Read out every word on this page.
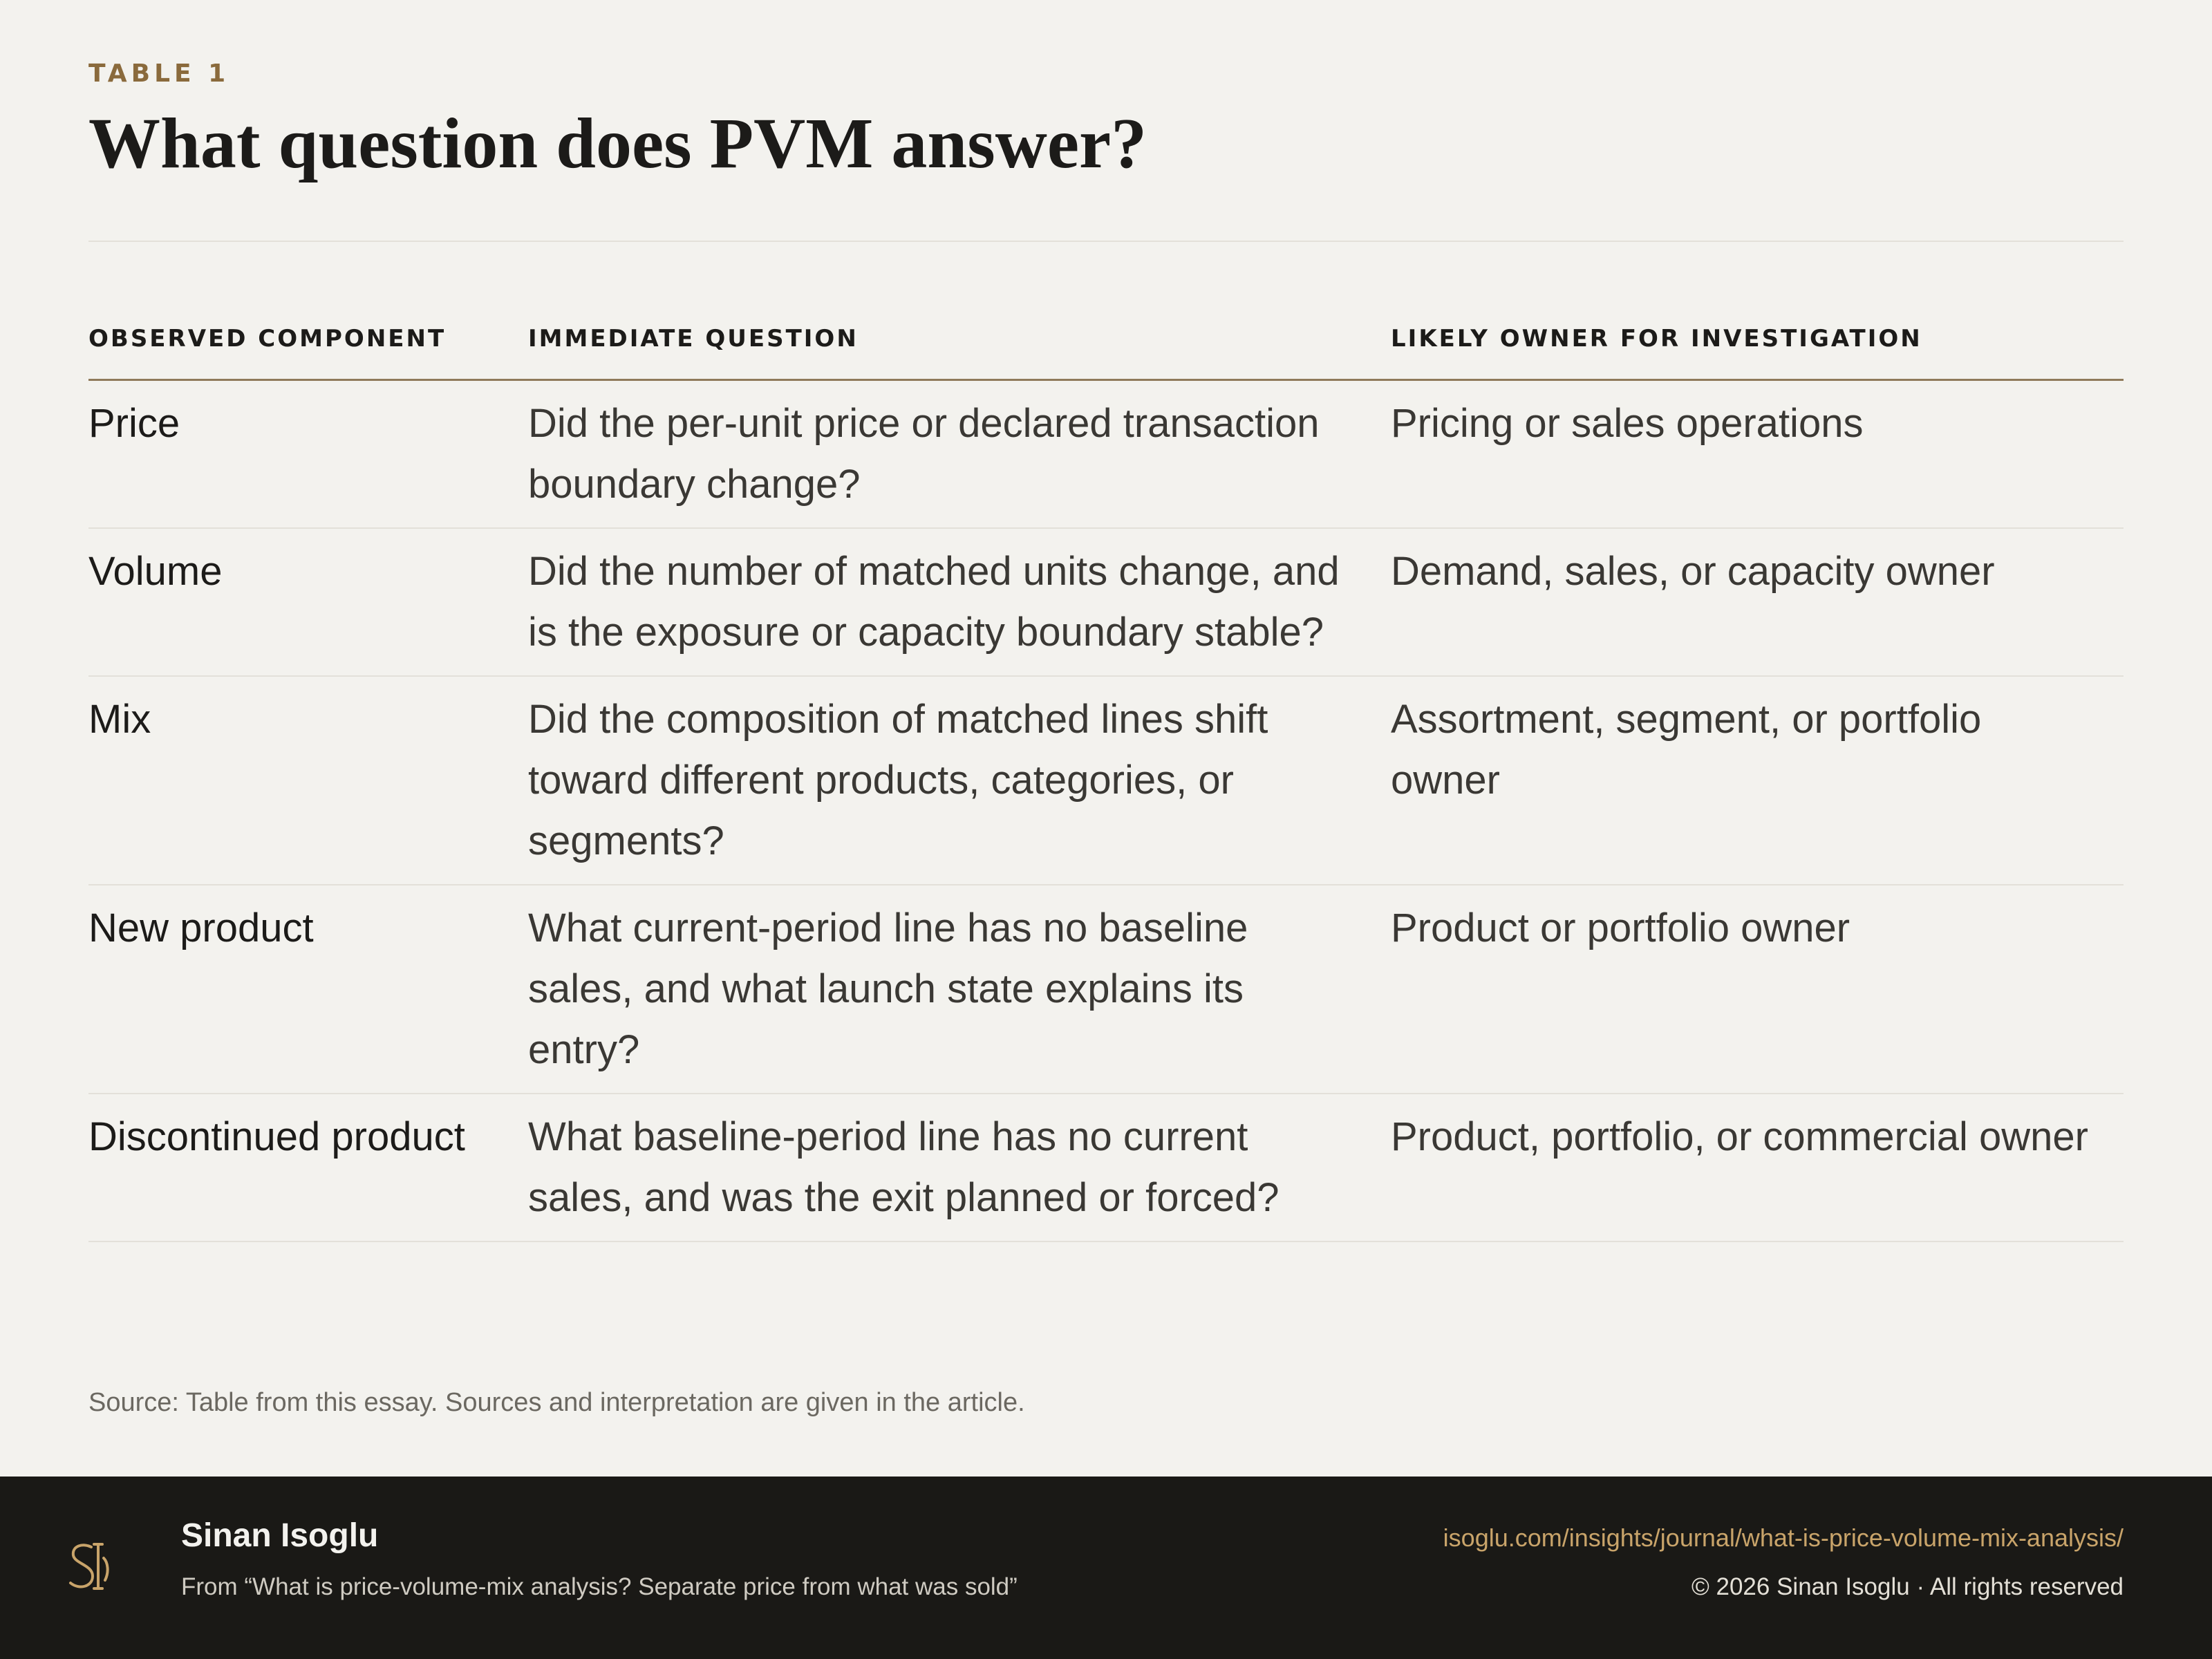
TABLE 1
What question does PVM answer?
OBSERVED COMPONENT	IMMEDIATE QUESTION	LIKELY OWNER FOR INVESTIGATION
Price	Did the per-unit price or declared transaction boundary change?	Pricing or sales operations
Volume	Did the number of matched units change, and is the exposure or capacity boundary stable?	Demand, sales, or capacity owner
Mix	Did the composition of matched lines shift toward different products, categories, or segments?	Assortment, segment, or portfolio owner
New product	What current-period line has no baseline sales, and what launch state explains its entry?	Product or portfolio owner
Discontinued product	What baseline-period line has no current sales, and was the exit planned or forced?	Product, portfolio, or commercial owner
Source: Table from this essay. Sources and interpretation are given in the article.
Sinan Isoglu
From “What is price-volume-mix analysis? Separate price from what was sold”
isoglu.com/insights/journal/what-is-price-volume-mix-analysis/
© 2026 Sinan Isoglu · All rights reserved
